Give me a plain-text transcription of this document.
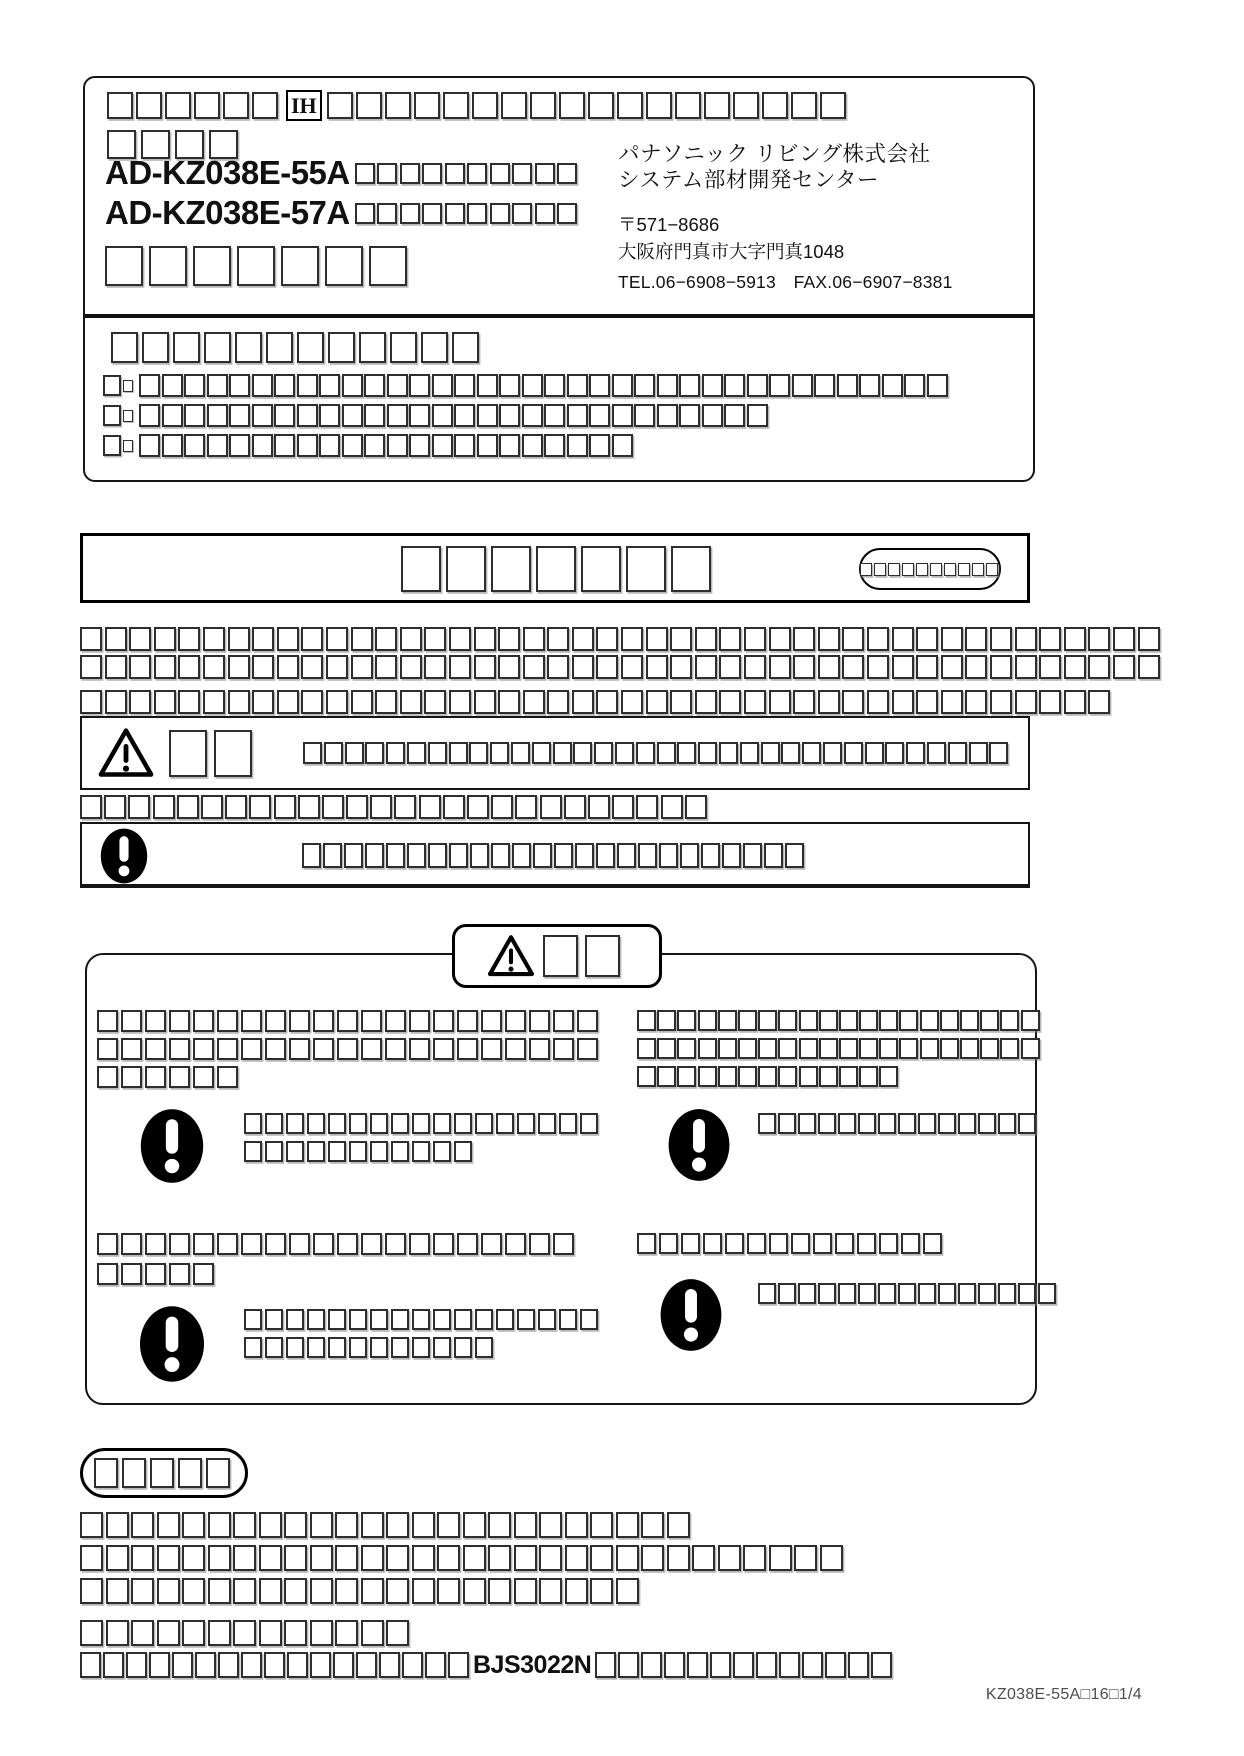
IH
AD-KZ038E-55A
AD-KZ038E-57A
パナソニック リビング株式会社
システム部材開発センター
〒571−8686
大阪府門真市大字門真1048
TEL.06−6908−5913　FAX.06−6907−8381
BJS3022N
KZ038E-55A□16□1/4
